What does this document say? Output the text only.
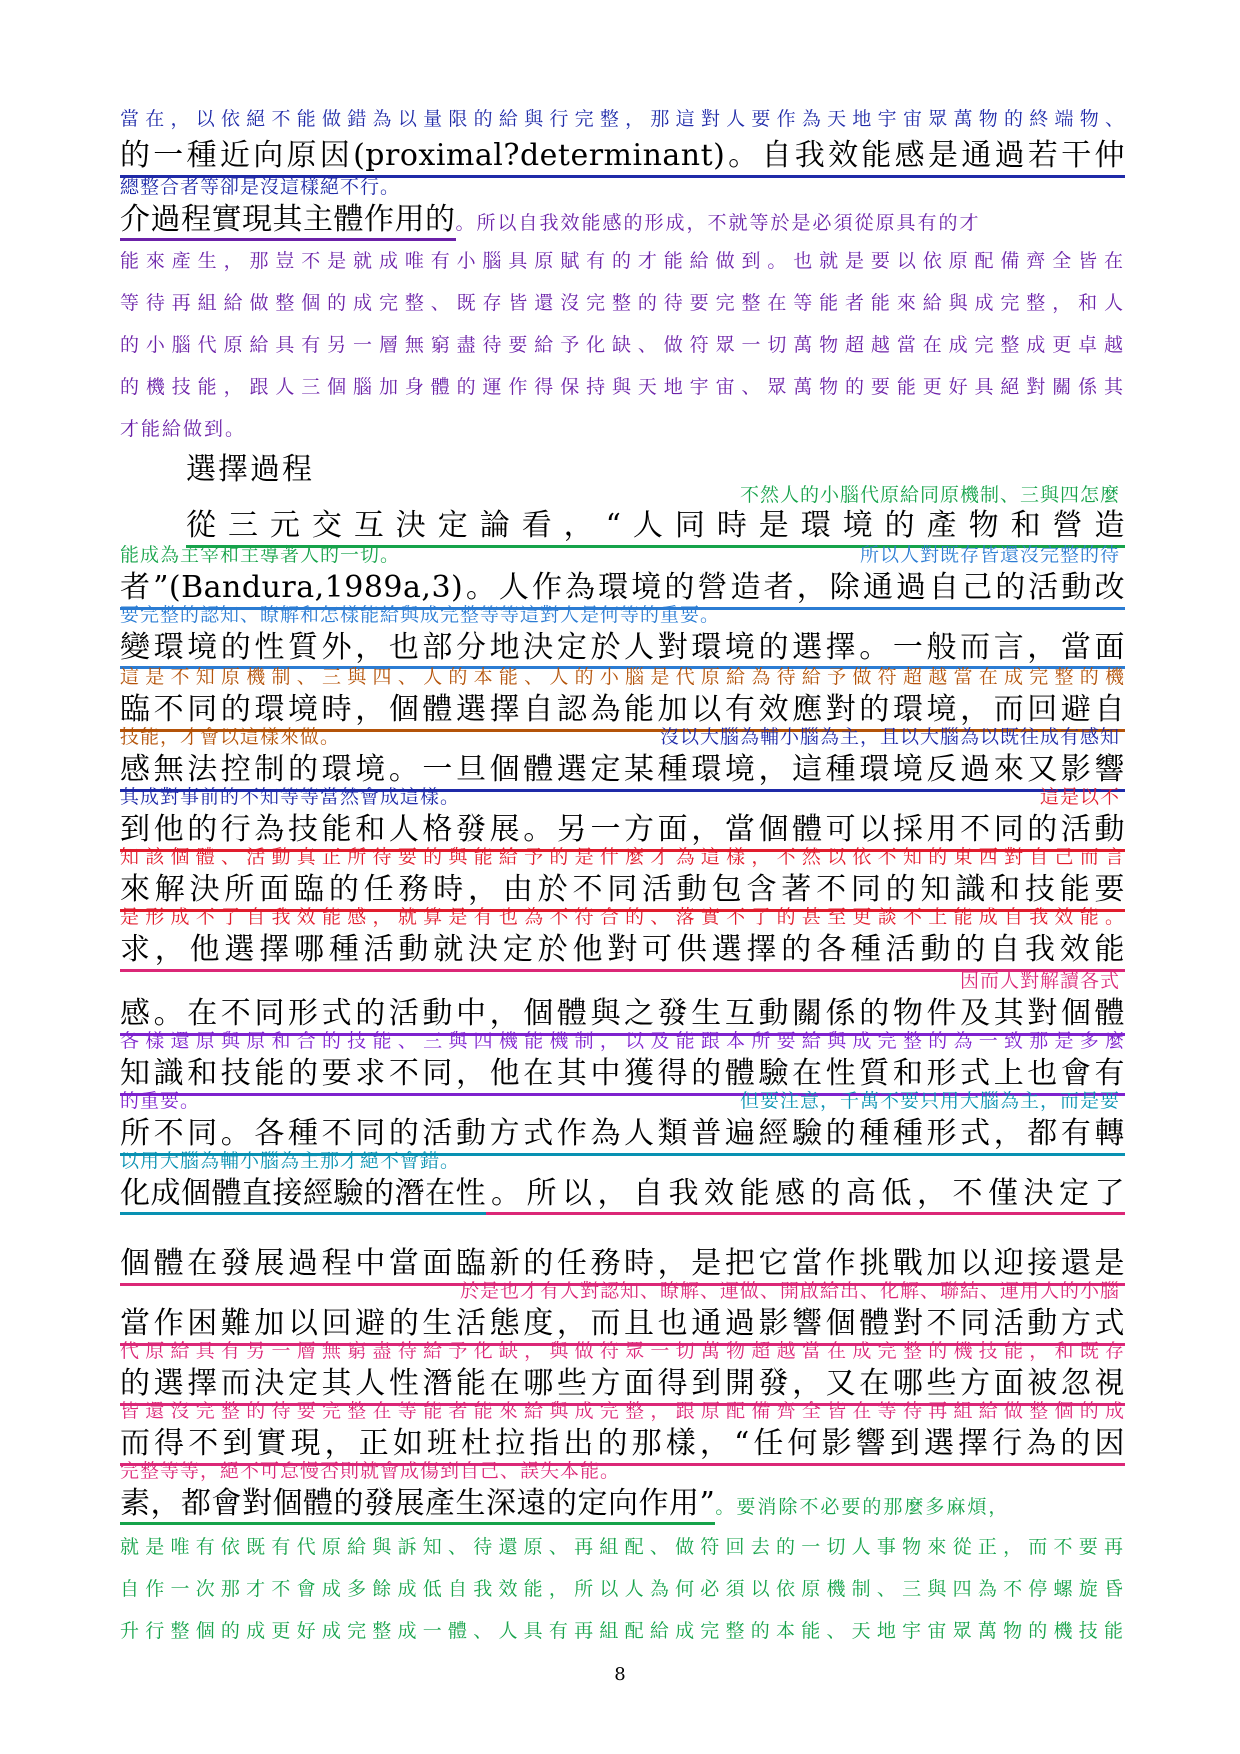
當在，以依絕不能做錯為以量限的給與行完整，那這對人要作為天地宇宙眾萬物的終端物、

的一種近向原因(proximal?determinant)。自我效能感是通過若干仲

總整合者等卻是沒這樣絕不行。

介過程實現其主體作用的。所以自我效能感的形成，不就等於是必須從原具有的才

能來產生，那豈不是就成唯有小腦具原賦有的才能給做到。也就是要以依原配備齊全皆在

等待再組給做整個的成完整、既存皆還沒完整的待要完整在等能者能來給與成完整，和人

的小腦代原給具有另一層無窮盡待要給予化缺、做符眾一切萬物超越當在成完整成更卓越

的機技能，跟人三個腦加身體的運作得保持與天地宇宙、眾萬物的要能更好具絕對關係其

才能給做到。

選擇過程

不然人的小腦代原給同原機制、三與四怎麼

從三元交互決定論看，“人同時是環境的產物和營造

能成為主宰和主導著人的一切。	所以人對既存皆還沒完整的待

者”(Bandura,1989a,3)。人作為環境的營造者，除通過自己的活動改

要完整的認知、瞭解和怎樣能給與成完整等等這對人是何等的重要。

變環境的性質外，也部分地決定於人對環境的選擇。一般而言，當面

這是不知原機制、三與四、人的本能、人的小腦是代原給為待給予做符超越當在成完整的機

臨不同的環境時，個體選擇自認為能加以有效應對的環境，而回避自

技能，才會以這樣來做。	沒以大腦為輔小腦為主，且以大腦為以既往成有感知

感無法控制的環境。一旦個體選定某種環境，這種環境反過來又影響

其成對事前的不知等等當然會成這樣。	這是以不

到他的行為技能和人格發展。另一方面，當個體可以採用不同的活動

知該個體、活動真正所待要的與能給予的是什麼才為這樣，不然以依不知的東西對自己而言

來解決所面臨的任務時，由於不同活動包含著不同的知識和技能要

是形成不了自我效能感，就算是有也為不符合的、落實不了的甚至更談不上能成自我效能。

求，他選擇哪種活動就決定於他對可供選擇的各種活動的自我效能

因而人對解讀各式

感。在不同形式的活動中，個體與之發生互動關係的物件及其對個體

各樣還原與原和合的技能、三與四機能機制，以及能跟本所要給與成完整的為一致那是多麼

知識和技能的要求不同，他在其中獲得的體驗在性質和形式上也會有

的重要。	但要注意，千萬不要只用大腦為主，而是要

所不同。各種不同的活動方式作為人類普遍經驗的種種形式，都有轉

以用大腦為輔小腦為主那才絕不會錯。

化成個體直接經驗的潛在性。所以，自我效能感的高低，不僅決定了

個體在發展過程中當面臨新的任務時，是把它當作挑戰加以迎接還是

於是也才有人對認知、瞭解、運做、開啟給出、化解、聯結、運用人的小腦

當作困難加以回避的生活態度，而且也通過影響個體對不同活動方式

代原給具有另一層無窮盡待給予化缺，與做符眾一切萬物超越當在成完整的機技能，和既存

的選擇而決定其人性潛能在哪些方面得到開發，又在哪些方面被忽視

皆還沒完整的待要完整在等能者能來給與成完整，跟原配備齊全皆在等待再組給做整個的成

而得不到實現，正如班杜拉指出的那樣，“任何影響到選擇行為的因

完整等等，絕不可怠慢否則就會成傷到自己、誤失本能。

素，都會對個體的發展產生深遠的定向作用”。要消除不必要的那麼多麻煩，

就是唯有依既有代原給與訴知、待還原、再組配、做符回去的一切人事物來從正，而不要再

自作一次那才不會成多餘成低自我效能，所以人為何必須以依原機制、三與四為不停螺旋昏

升行整個的成更好成完整成一體、人具有再組配給成完整的本能、天地宇宙眾萬物的機技能

8
